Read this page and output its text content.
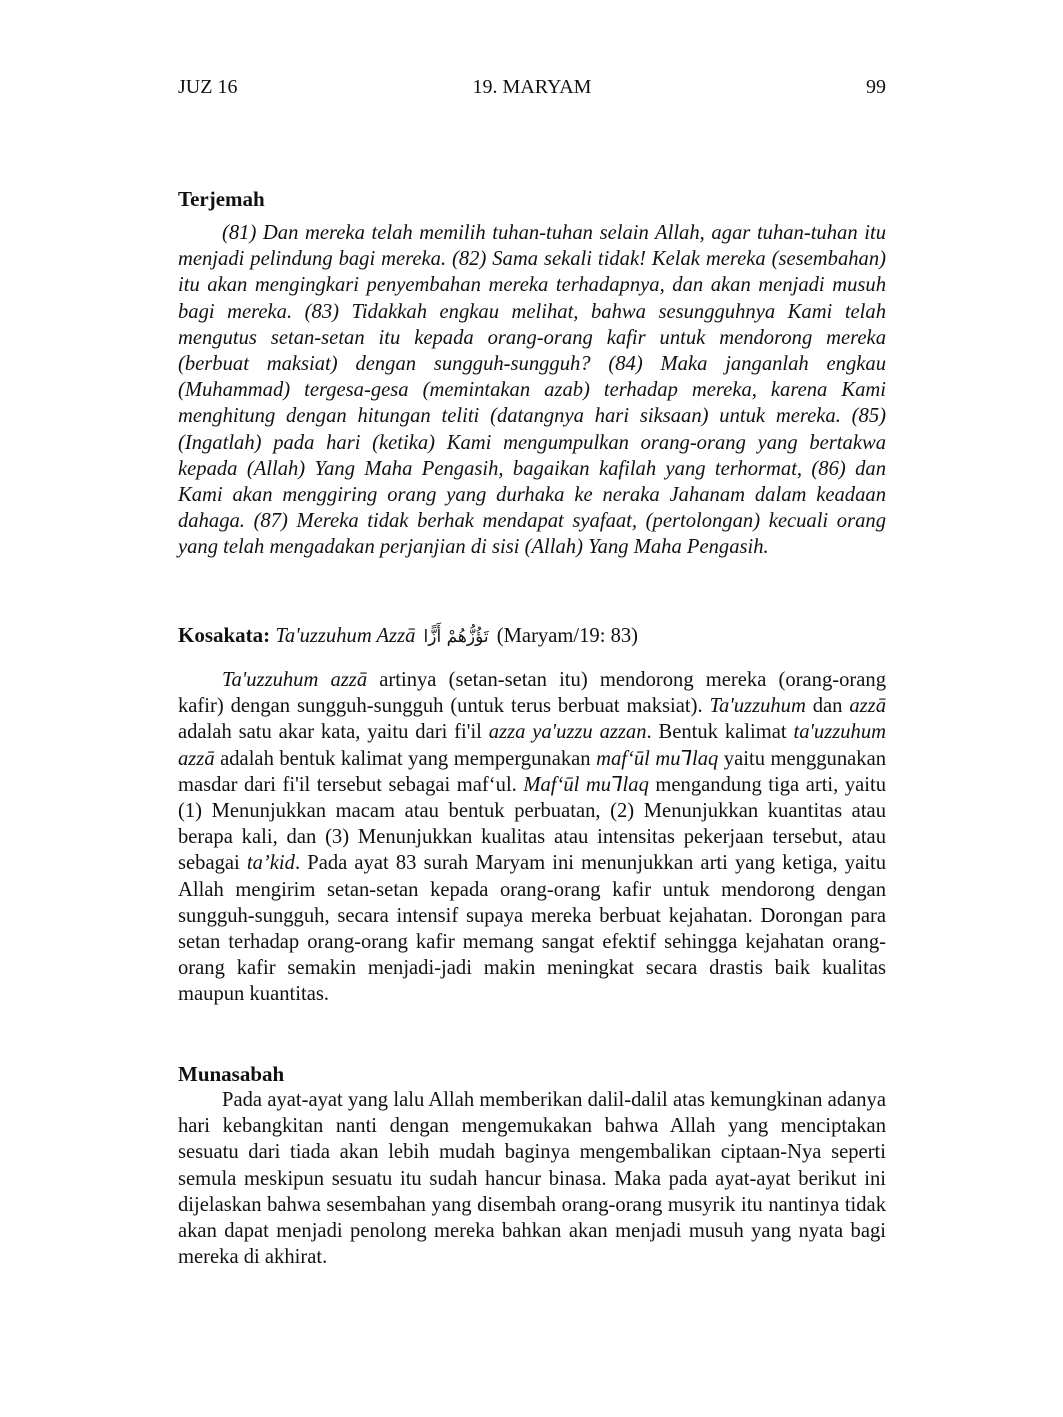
JUZ 16	19. MARYAM	99
Terjemah

(81) Dan mereka telah memilih tuhan-tuhan selain Allah, agar tuhan-tuhan itu menjadi pelindung bagi mereka. (82) Sama sekali tidak! Kelak mereka (sesembahan) itu akan mengingkari penyembahan mereka terhadapnya, dan akan menjadi musuh bagi mereka. (83) Tidakkah engkau melihat, bahwa sesungguhnya Kami telah mengutus setan-setan itu kepada orang-orang kafir untuk mendorong mereka (berbuat maksiat) dengan sungguh-sungguh? (84) Maka janganlah engkau (Muhammad) tergesa-gesa (memintakan azab) terhadap mereka, karena Kami menghitung dengan hitungan teliti (datangnya hari siksaan) untuk mereka. (85) (Ingatlah) pada hari (ketika) Kami mengumpulkan orang-orang yang bertakwa kepada (Allah) Yang Maha Pengasih, bagaikan kafilah yang terhormat, (86) dan Kami akan menggiring orang yang durhaka ke neraka Jahanam dalam keadaan dahaga. (87) Mereka tidak berhak mendapat syafaat, (pertolongan) kecuali orang yang telah mengadakan perjanjian di sisi (Allah) Yang Maha Pengasih.

Kosakata: Ta'uzzuhum Azzā تَؤُزُّهُمْ أَزًّا (Maryam/19: 83)

Ta'uzzuhum azzā artinya (setan-setan itu) mendorong mereka (orang-orang kafir) dengan sungguh-sungguh (untuk terus berbuat maksiat). Ta'uzzuhum dan azzā adalah satu akar kata, yaitu dari fi'il azza ya'uzzu azzan. Bentuk kalimat ta'uzzuhum azzā adalah bentuk kalimat yang mempergunakan maf‘ūl mu⅂laq yaitu menggunakan masdar dari fi'il tersebut sebagai maf‘ul. Maf‘ūl mu⅂laq mengandung tiga arti, yaitu (1) Menunjukkan macam atau bentuk perbuatan, (2) Menunjukkan kuantitas atau berapa kali, dan (3) Menunjukkan kualitas atau intensitas pekerjaan tersebut, atau sebagai ta’kid. Pada ayat 83 surah Maryam ini menunjukkan arti yang ketiga, yaitu Allah mengirim setan-setan kepada orang-orang kafir untuk mendorong dengan sungguh-sungguh, secara intensif supaya mereka berbuat kejahatan. Dorongan para setan terhadap orang-orang kafir memang sangat efektif sehingga kejahatan orang-orang kafir semakin menjadi-jadi makin meningkat secara drastis baik kualitas maupun kuantitas.

Munasabah

Pada ayat-ayat yang lalu Allah memberikan dalil-dalil atas kemungkinan adanya hari kebangkitan nanti dengan mengemukakan bahwa Allah yang menciptakan sesuatu dari tiada akan lebih mudah baginya mengembalikan ciptaan-Nya seperti semula meskipun sesuatu itu sudah hancur binasa. Maka pada ayat-ayat berikut ini dijelaskan bahwa sesembahan yang disembah orang-orang musyrik itu nantinya tidak akan dapat menjadi penolong mereka bahkan akan menjadi musuh yang nyata bagi mereka di akhirat.
